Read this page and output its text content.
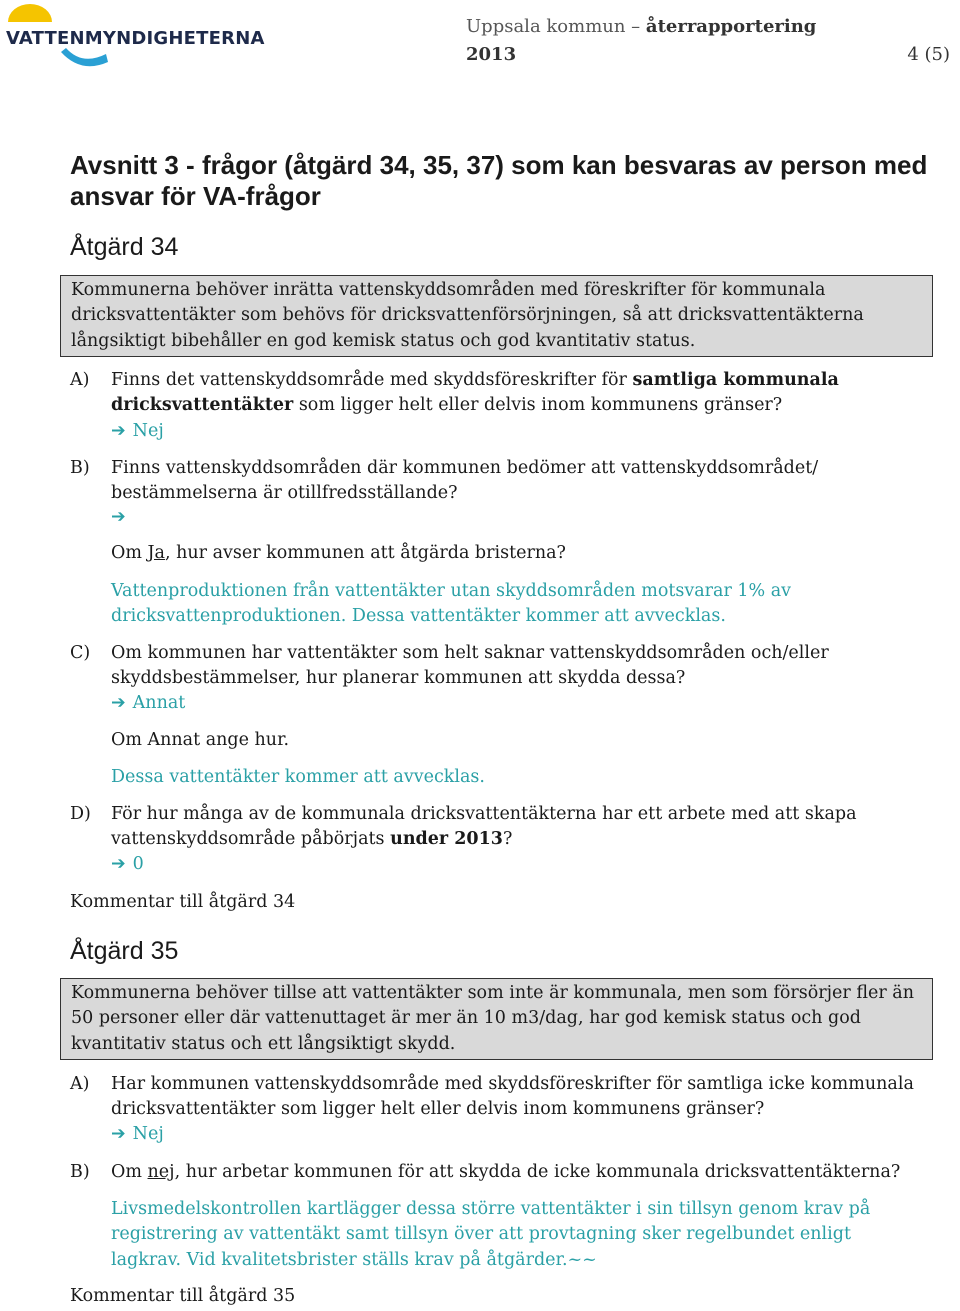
VATTENMYNDIGHETERNA
Uppsala kommun – återrapportering
2013	4 (5)
Avsnitt 3 - frågor (åtgärd 34, 35, 37) som kan besvaras av person med ansvar för VA-frågor
Åtgärd 34
Kommunerna behöver inrätta vattenskyddsområden med föreskrifter för kommunala dricksvattentäkter som behövs för dricksvattenförsörjningen, så att dricksvattentäkterna långsiktigt bibehåller en god kemisk status och god kvantitativ status.
A) Finns det vattenskyddsområde med skyddsföreskrifter för samtliga kommunala dricksvattentäkter som ligger helt eller delvis inom kommunens gränser?
➔ Nej
B) Finns vattenskyddsområden där kommunen bedömer att vattenskyddsområdet/ bestämmelserna är otillfredsställande?
➔
Om Ja, hur avser kommunen att åtgärda bristerna?
Vattenproduktionen från vattentäkter utan skyddsområden motsvarar 1% av dricksvattenproduktionen. Dessa vattentäkter kommer att avvecklas.
C) Om kommunen har vattentäkter som helt saknar vattenskyddsområden och/eller skyddsbestämmelser, hur planerar kommunen att skydda dessa?
➔ Annat
Om Annat ange hur.
Dessa vattentäkter kommer att avvecklas.
D) För hur många av de kommunala dricksvattentäkterna har ett arbete med att skapa vattenskyddsområde påbörjats under 2013?
➔ 0
Kommentar till åtgärd 34
Åtgärd 35
Kommunerna behöver tillse att vattentäkter som inte är kommunala, men som försörjer fler än 50 personer eller där vattenuttaget är mer än 10 m3/dag, har god kemisk status och god kvantitativ status och ett långsiktigt skydd.
A) Har kommunen vattenskyddsområde med skyddsföreskrifter för samtliga icke kommunala dricksvattentäkter som ligger helt eller delvis inom kommunens gränser?
➔ Nej
B) Om nej, hur arbetar kommunen för att skydda de icke kommunala dricksvattentäkterna?
Livsmedelskontrollen kartlägger dessa större vattentäkter i sin tillsyn genom krav på registrering av vattentäkt samt tillsyn över att provtagning sker regelbundet enligt lagkrav. Vid kvalitetsbrister ställs krav på åtgärder.~~
Kommentar till åtgärd 35
